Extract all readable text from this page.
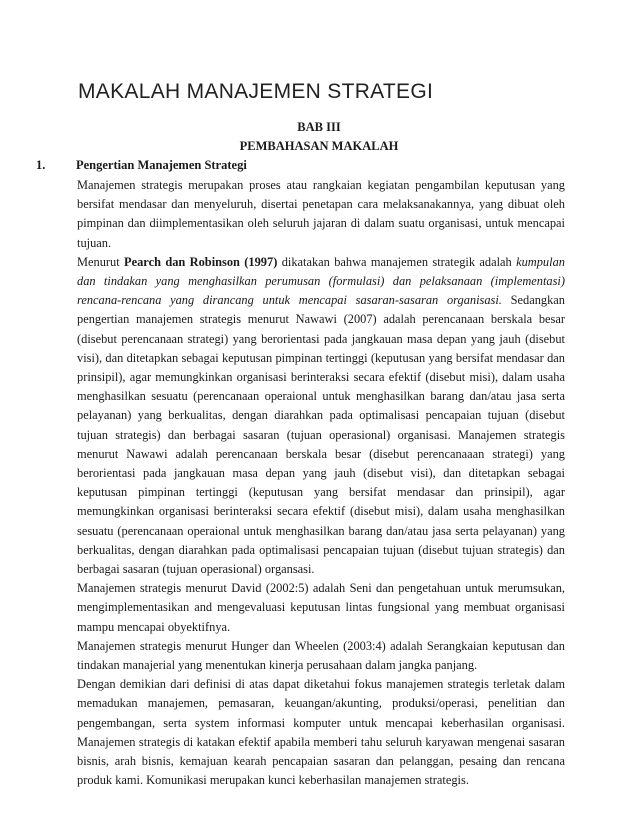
MAKALAH MANAJEMEN STRATEGI
BAB III
PEMBAHASAN MAKALAH
1. Pengertian Manajemen Strategi

Manajemen strategis merupakan proses atau rangkaian kegiatan pengambilan keputusan yang bersifat mendasar dan menyeluruh, disertai penetapan cara melaksanakannya, yang dibuat oleh pimpinan dan diimplementasikan oleh seluruh jajaran di dalam suatu organisasi, untuk mencapai tujuan.

Menurut Pearch dan Robinson (1997) dikatakan bahwa manajemen strategik adalah kumpulan dan tindakan yang menghasilkan perumusan (formulasi) dan pelaksanaan (implementasi) rencana-rencana yang dirancang untuk mencapai sasaran-sasaran organisasi. Sedangkan pengertian manajemen strategis menurut Nawawi (2007) adalah perencanaan berskala besar (disebut perencanaan strategi) yang berorientasi pada jangkauan masa depan yang jauh (disebut visi), dan ditetapkan sebagai keputusan pimpinan tertinggi (keputusan yang bersifat mendasar dan prinsipil), agar memungkinkan organisasi berinteraksi secara efektif (disebut misi), dalam usaha menghasilkan sesuatu (perencanaan operaional untuk menghasilkan barang dan/atau jasa serta pelayanan) yang berkualitas, dengan diarahkan pada optimalisasi pencapaian tujuan (disebut tujuan strategis) dan berbagai sasaran (tujuan operasional) organisasi. Manajemen strategis menurut Nawawi adalah perencanaan berskala besar (disebut perencanaaan strategi) yang berorientasi pada jangkauan masa depan yang jauh (disebut visi), dan ditetapkan sebagai keputusan pimpinan tertinggi (keputusan yang bersifat mendasar dan prinsipil), agar memungkinkan organisasi berinteraksi secara efektif (disebut misi), dalam usaha menghasilkan sesuatu (perencanaan operaional untuk menghasilkan barang dan/atau jasa serta pelayanan) yang berkualitas, dengan diarahkan pada optimalisasi pencapaian tujuan (disebut tujuan strategis) dan berbagai sasaran (tujuan operasional) organsasi.

Manajemen strategis menurut David (2002:5) adalah Seni dan pengetahuan untuk merumsukan, mengimplementasikan and mengevaluasi keputusan lintas fungsional yang membuat organisasi mampu mencapai obyektifnya.

Manajemen strategis menurut Hunger dan Wheelen (2003:4) adalah Serangkaian keputusan dan tindakan manajerial yang menentukan kinerja perusahaan dalam jangka panjang.

Dengan demikian dari definisi di atas dapat diketahui fokus manajemen strategis terletak dalam memadukan manajemen, pemasaran, keuangan/akunting, produksi/operasi, penelitian dan pengembangan, serta system informasi komputer untuk mencapai keberhasilan organisasi. Manajemen strategis di katakan efektif apabila memberi tahu seluruh karyawan mengenai sasaran bisnis, arah bisnis, kemajuan kearah pencapaian sasaran dan pelanggan, pesaing dan rencana produk kami. Komunikasi merupakan kunci keberhasilan manajemen strategis.
